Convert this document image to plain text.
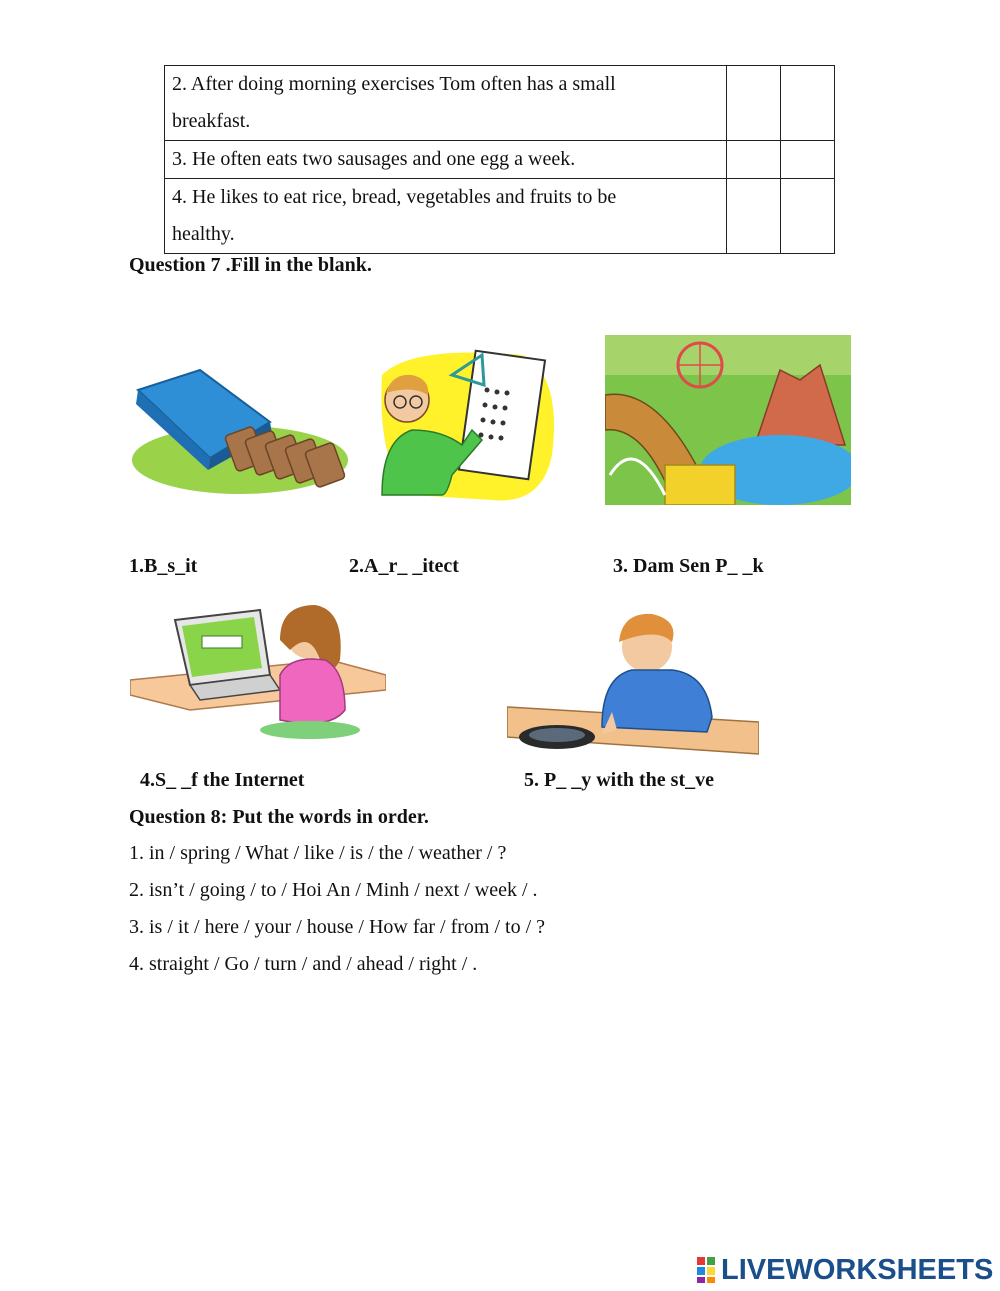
2. After doing morning exercises Tom often has a small
breakfast.		

3. He often eats two sausages and one egg a week.		

4. He likes to eat rice, bread, vegetables and fruits to be
healthy.		

Question 7 .Fill in the blank.
1.B_s_it	2.A_r_ _itect	3. Dam Sen P_ _k
4.S_ _f the Internet	5. P_ _y with the st_ve
Question 8: Put the words in order.
1. in / spring / What / like / is / the / weather / ?
2. isn’t / going / to / Hoi An / Minh / next / week / .
3. is / it / here / your / house / How far / from / to / ?
4. straight / Go / turn / and / ahead / right / .
LIVEWORKSHEETS
